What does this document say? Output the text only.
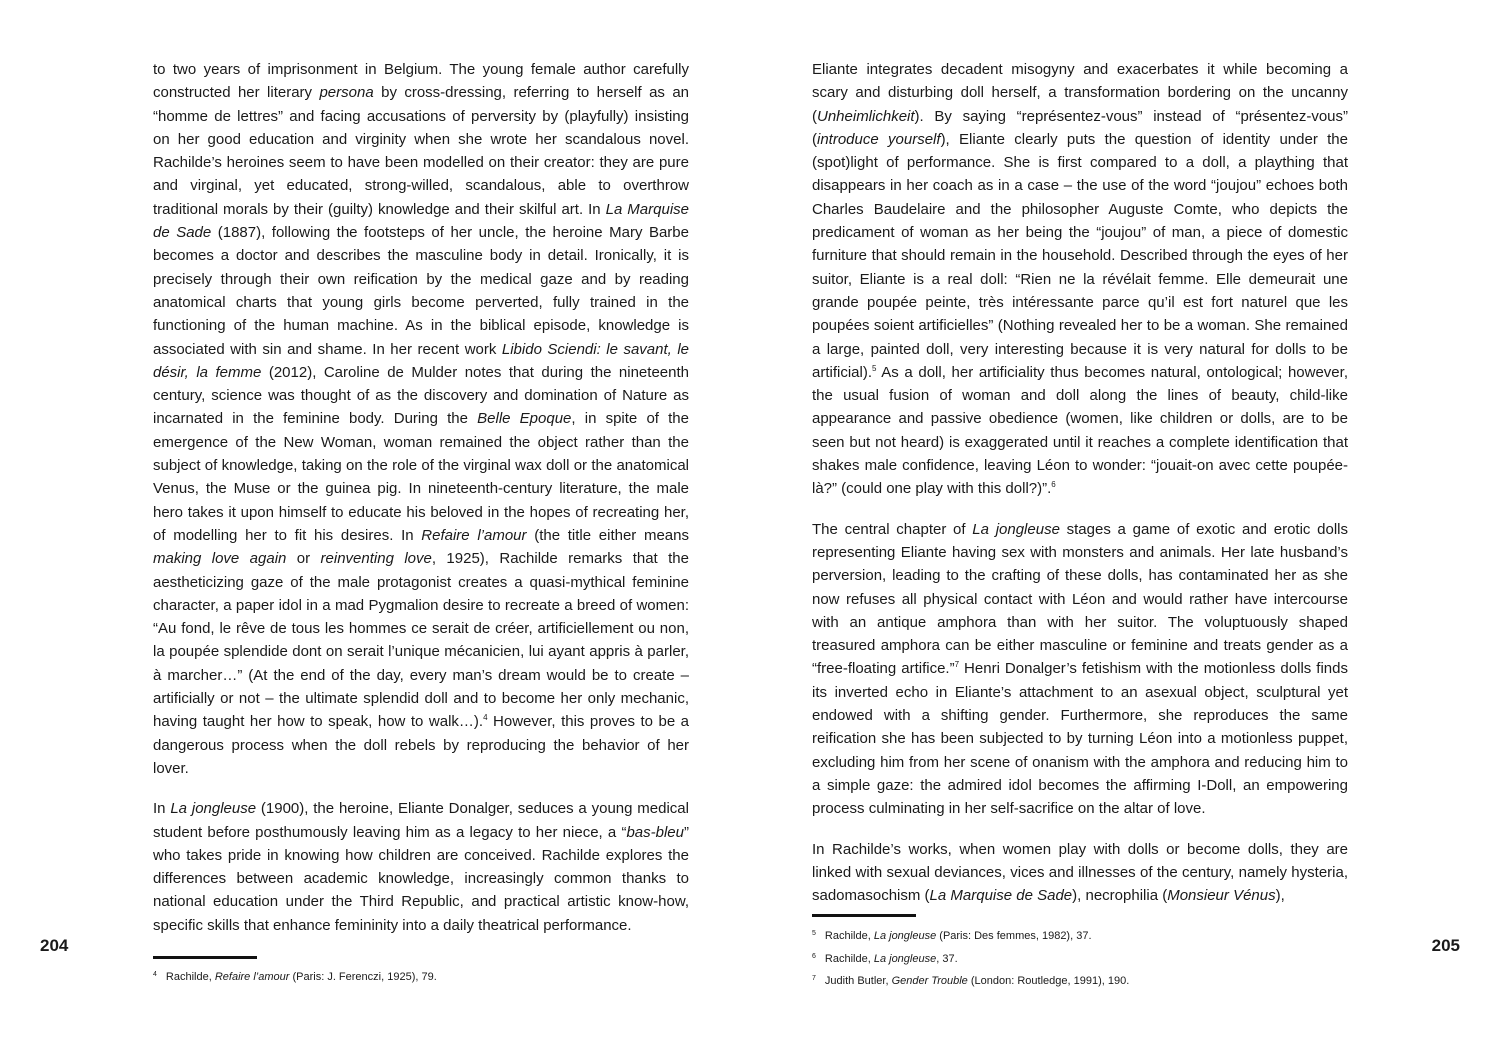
to two years of imprisonment in Belgium. The young female author carefully constructed her literary persona by cross-dressing, referring to herself as an “homme de lettres” and facing accusations of perversity by (playfully) insisting on her good education and virginity when she wrote her scandalous novel. Rachilde’s heroines seem to have been modelled on their creator: they are pure and virginal, yet educated, strong-willed, scandalous, able to overthrow traditional morals by their (guilty) knowledge and their skilful art. In La Marquise de Sade (1887), following the footsteps of her uncle, the heroine Mary Barbe becomes a doctor and describes the masculine body in detail. Ironically, it is precisely through their own reification by the medical gaze and by reading anatomical charts that young girls become perverted, fully trained in the functioning of the human machine. As in the biblical episode, knowledge is associated with sin and shame. In her recent work Libido Sciendi: le savant, le désir, la femme (2012), Caroline de Mulder notes that during the nineteenth century, science was thought of as the discovery and domination of Nature as incarnated in the feminine body. During the Belle Epoque, in spite of the emergence of the New Woman, woman remained the object rather than the subject of knowledge, taking on the role of the virginal wax doll or the anatomical Venus, the Muse or the guinea pig. In nineteenth-century literature, the male hero takes it upon himself to educate his beloved in the hopes of recreating her, of modelling her to fit his desires. In Refaire l’amour (the title either means making love again or reinventing love, 1925), Rachilde remarks that the aestheticizing gaze of the male protagonist creates a quasi-mythical feminine character, a paper idol in a mad Pygmalion desire to recreate a breed of women: “Au fond, le rêve de tous les hommes ce serait de créer, artificiellement ou non, la poupée splendide dont on serait l’unique mécanicien, lui ayant appris à parler, à marcher…” (At the end of the day, every man’s dream would be to create – artificially or not – the ultimate splendid doll and to become her only mechanic, having taught her how to speak, how to walk…).$^4$ However, this proves to be a dangerous process when the doll rebels by reproducing the behavior of her lover.

In La jongleuse (1900), the heroine, Eliante Donalger, seduces a young medical student before posthumously leaving him as a legacy to her niece, a “bas-bleu” who takes pride in knowing how children are conceived. Rachilde explores the differences between academic knowledge, increasingly common thanks to national education under the Third Republic, and practical artistic know-how, specific skills that enhance femininity into a daily theatrical performance.

204
4 Rachilde, Refaire l’amour (Paris: J. Ferenczi, 1925), 79.

Eliante integrates decadent misogyny and exacerbates it while becoming a scary and disturbing doll herself, a transformation bordering on the uncanny (Unheimlichkeit). By saying “représentez-vous” instead of “présentez-vous” (introduce yourself), Eliante clearly puts the question of identity under the (spot)light of performance. She is first compared to a doll, a plaything that disappears in her coach as in a case – the use of the word “joujou” echoes both Charles Baudelaire and the philosopher Auguste Comte, who depicts the predicament of woman as her being the “joujou” of man, a piece of domestic furniture that should remain in the household. Described through the eyes of her suitor, Eliante is a real doll: “Rien ne la révélait femme. Elle demeurait une grande poupée peinte, très intéressante parce qu’il est fort naturel que les poupées soient artificielles” (Nothing revealed her to be a woman. She remained a large, painted doll, very interesting because it is very natural for dolls to be artificial).$^5$ As a doll, her artificiality thus becomes natural, ontological; however, the usual fusion of woman and doll along the lines of beauty, child-like appearance and passive obedience (women, like children or dolls, are to be seen but not heard) is exaggerated until it reaches a complete identification that shakes male confidence, leaving Léon to wonder: “jouait-on avec cette poupée-là?” (could one play with this doll?)”.$^6$

The central chapter of La jongleuse stages a game of exotic and erotic dolls representing Eliante having sex with monsters and animals. Her late husband’s perversion, leading to the crafting of these dolls, has contaminated her as she now refuses all physical contact with Léon and would rather have intercourse with an antique amphora than with her suitor. The voluptuously shaped treasured amphora can be either masculine or feminine and treats gender as a “free-floating artifice.”$^7$ Henri Donalger’s fetishism with the motionless dolls finds its inverted echo in Eliante’s attachment to an asexual object, sculptural yet endowed with a shifting gender. Furthermore, she reproduces the same reification she has been subjected to by turning Léon into a motionless puppet, excluding him from her scene of onanism with the amphora and reducing him to a simple gaze: the admired idol becomes the affirming I-Doll, an empowering process culminating in her self-sacrifice on the altar of love.

In Rachilde’s works, when women play with dolls or become dolls, they are linked with sexual deviances, vices and illnesses of the century, namely hysteria, sadomasochism (La Marquise de Sade), necrophilia (Monsieur Vénus),

205
5 Rachilde, La jongleuse (Paris: Des femmes, 1982), 37.
6 Rachilde, La jongleuse, 37.
7 Judith Butler, Gender Trouble (London: Routledge, 1991), 190.
